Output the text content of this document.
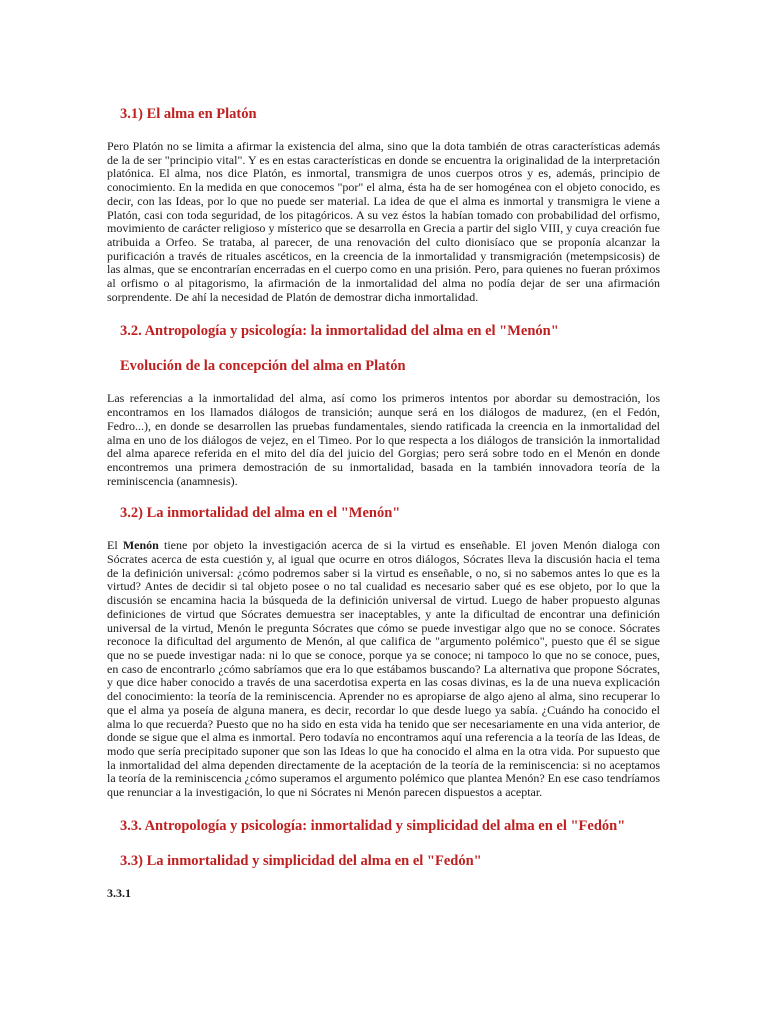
3.1) El alma en Platón

Pero Platón no se limita a afirmar la existencia del alma, sino que la dota también de otras características además de la de ser "principio vital". Y es en estas características en donde se encuentra la originalidad de la interpretación platónica. El alma, nos dice Platón, es inmortal, transmigra de unos cuerpos otros y es, además, principio de conocimiento. En la medida en que conocemos "por" el alma, ésta ha de ser homogénea con el objeto conocido, es decir, con las Ideas, por lo que no puede ser material. La idea de que el alma es inmortal y transmigra le viene a Platón, casi con toda seguridad, de los pitagóricos. A su vez éstos la habían tomado con probabilidad del orfismo, movimiento de carácter religioso y místerico que se desarrolla en Grecia a partir del siglo VIII, y cuya creación fue atribuida a Orfeo. Se trataba, al parecer, de una renovación del culto dionisíaco que se proponía alcanzar la purificación a través de rituales ascéticos, en la creencia de la inmortalidad y transmigración (metempsicosis) de las almas, que se encontrarían encerradas en el cuerpo como en una prisión. Pero, para quienes no fueran próximos al orfismo o al pitagorismo, la afirmación de la inmortalidad del alma no podía dejar de ser una afirmación sorprendente. De ahí la necesidad de Platón de demostrar dicha inmortalidad.

3.2. Antropología y psicología: la inmortalidad del alma en el "Menón"
Evolución de la concepción del alma en Platón

Las referencias a la inmortalidad del alma, así como los primeros intentos por abordar su demostración, los encontramos en los llamados diálogos de transición; aunque será en los diálogos de madurez, (en el Fedón, Fedro...), en donde se desarrollen las pruebas fundamentales, siendo ratificada la creencia en la inmortalidad del alma en uno de los diálogos de vejez, en el Timeo. Por lo que respecta a los diálogos de transición la inmortalidad del alma aparece referida en el mito del día del juicio del Gorgias; pero será sobre todo en el Menón en donde encontremos una primera demostración de su inmortalidad, basada en la también innovadora teoría de la reminiscencia (anamnesis).

3.2) La inmortalidad del alma en el "Menón"

El Menón tiene por objeto la investigación acerca de si la virtud es enseñable. El joven Menón dialoga con Sócrates acerca de esta cuestión y, al igual que ocurre en otros diálogos, Sócrates lleva la discusión hacia el tema de la definición universal: ¿cómo podremos saber si la virtud es enseñable, o no, si no sabemos antes lo que es la virtud? Antes de decidir si tal objeto posee o no tal cualidad es necesario saber qué es ese objeto, por lo que la discusión se encamina hacia la búsqueda de la definición universal de virtud. Luego de haber propuesto algunas definiciones de virtud que Sócrates demuestra ser inaceptables, y ante la dificultad de encontrar una definición universal de la virtud, Menón le pregunta Sócrates que cómo se puede investigar algo que no se conoce. Sócrates reconoce la dificultad del argumento de Menón, al que califica de "argumento polémico", puesto que él se sigue que no se puede investigar nada: ni lo que se conoce, porque ya se conoce; ni tampoco lo que no se conoce, pues, en caso de encontrarlo ¿cómo sabríamos que era lo que estábamos buscando? La alternativa que propone Sócrates, y que dice haber conocido a través de una sacerdotisa experta en las cosas divinas, es la de una nueva explicación del conocimiento: la teoría de la reminiscencia. Aprender no es apropiarse de algo ajeno al alma, sino recuperar lo que el alma ya poseía de alguna manera, es decir, recordar lo que desde luego ya sabía. ¿Cuándo ha conocido el alma lo que recuerda? Puesto que no ha sido en esta vida ha tenido que ser necesariamente en una vida anterior, de donde se sigue que el alma es inmortal. Pero todavía no encontramos aquí una referencia a la teoría de las Ideas, de modo que sería precipitado suponer que son las Ideas lo que ha conocido el alma en la otra vida. Por supuesto que la inmortalidad del alma dependen directamente de la aceptación de la teoría de la reminiscencia: si no aceptamos la teoría de la reminiscencia ¿cómo superamos el argumento polémico que plantea Menón? En ese caso tendríamos que renunciar a la investigación, lo que ni Sócrates ni Menón parecen dispuestos a aceptar.

3.3. Antropología y psicología: inmortalidad y simplicidad del alma en el "Fedón"
3.3) La inmortalidad y simplicidad del alma en el "Fedón"
3.3.1
